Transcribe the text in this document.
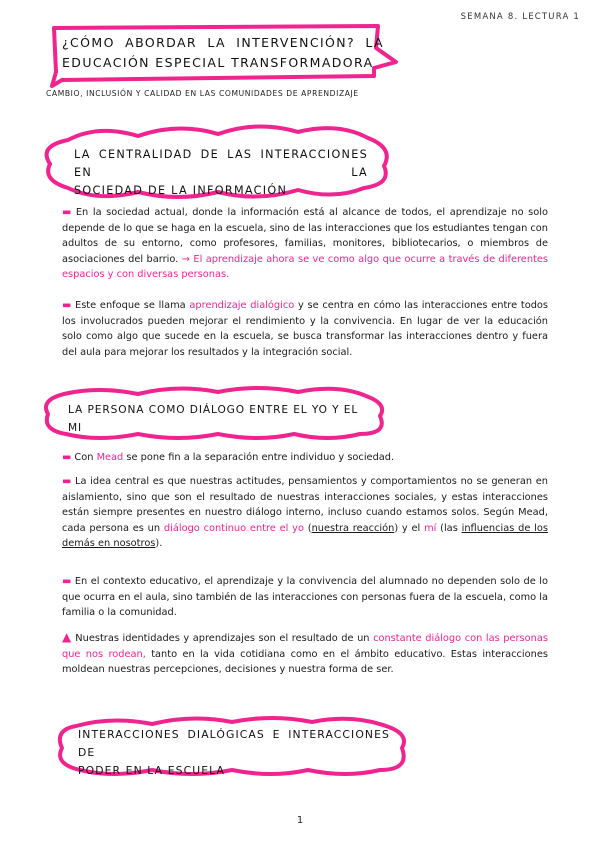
SEMANA 8. LECTURA 1
¿CÓMO ABORDAR LA INTERVENCIÓN? LA
EDUCACIÓN ESPECIAL TRANSFORMADORA
CAMBIO, INCLUSIÓN Y CALIDAD EN LAS COMUNIDADES DE APRENDIZAJE
LA CENTRALIDAD DE LAS INTERACCIONES EN LA
SOCIEDAD DE LA INFORMACIÓN

▬ En la sociedad actual, donde la información está al alcance de todos, el aprendizaje no solo depende de lo que se haga en la escuela, sino de las interacciones que los estudiantes tengan con adultos de su entorno, como profesores, familias, monitores, bibliotecarios, o miembros de asociaciones del barrio. → El aprendizaje ahora se ve como algo que ocurre a través de diferentes espacios y con diversas personas.

▬ Este enfoque se llama aprendizaje dialógico y se centra en cómo las interacciones entre todos los involucrados pueden mejorar el rendimiento y la convivencia. En lugar de ver la educación solo como algo que sucede en la escuela, se busca transformar las interacciones dentro y fuera del aula para mejorar los resultados y la integración social.

LA PERSONA COMO DIÁLOGO ENTRE EL YO Y EL MI

▬ Con Mead se pone fin a la separación entre individuo y sociedad.

▬ La idea central es que nuestras actitudes, pensamientos y comportamientos no se generan en aislamiento, sino que son el resultado de nuestras interacciones sociales, y estas interacciones están siempre presentes en nuestro diálogo interno, incluso cuando estamos solos. Según Mead, cada persona es un diálogo continuo entre el yo (nuestra reacción) y el mí (las influencias de los demás en nosotros).

▬ En el contexto educativo, el aprendizaje y la convivencia del alumnado no dependen solo de lo que ocurra en el aula, sino también de las interacciones con personas fuera de la escuela, como la familia o la comunidad.

▲ Nuestras identidades y aprendizajes son el resultado de un constante diálogo con las personas que nos rodean, tanto en la vida cotidiana como en el ámbito educativo. Estas interacciones moldean nuestras percepciones, decisiones y nuestra forma de ser.

INTERACCIONES DIALÓGICAS E INTERACCIONES DE
PODER EN LA ESCUELA
1
